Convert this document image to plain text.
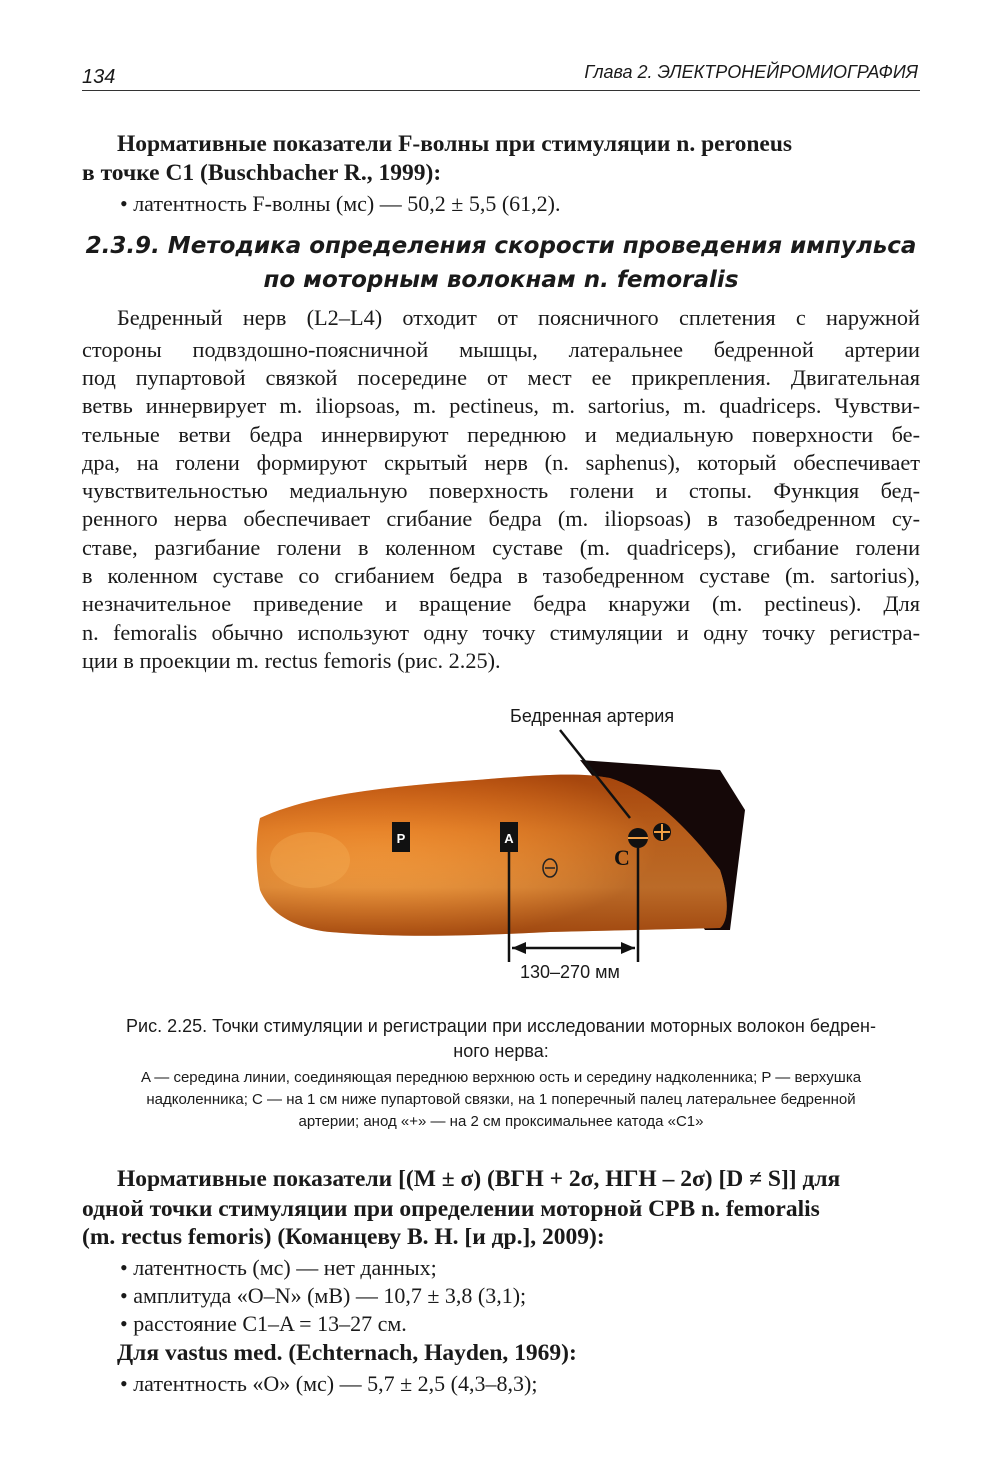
134	Глава 2. ЭЛЕКТРОНЕЙРОМИОГРАФИЯ
Нормативные показатели F-волны при стимуляции n. peroneus
в точке C1 (Buschbacher R., 1999):
• латентность F-волны (мс) — 50,2 ± 5,5 (61,2).
2.3.9. Методика определения скорости проведения импульса
по моторным волокнам n. femoralis
Бедренный нерв (L2–L4) отходит от поясничного сплетения с наружной
стороны подвздошно-поясничной мышцы, латеральнее бедренной артерии
под пупартовой связкой посередине от мест ее прикрепления. Двигательная
ветвь иннервирует m. iliopsoas, m. pectineus, m. sartorius, m. quadriceps. Чувстви-
тельные ветви бедра иннервируют переднюю и медиальную поверхности бе-
дра, на голени формируют скрытый нерв (n. saphenus), который обеспечивает
чувствительностью медиальную поверхность голени и стопы. Функция бед-
ренного нерва обеспечивает сгибание бедра (m. iliopsoas) в тазобедренном су-
ставе, разгибание голени в коленном суставе (m. quadriceps), сгибание голени
в коленном суставе со сгибанием бедра в тазобедренном суставе (m. sartorius),
незначительное приведение и вращение бедра кнаружи (m. pectineus). Для
n. femoralis обычно используют одну точку стимуляции и одну точку регистра-
ции в проекции m. rectus femoris (рис. 2.25).
P	A
C
Бедренная артерия
130–270 мм
Рис. 2.25. Точки стимуляции и регистрации при исследовании моторных волокон бедрен-
ного нерва:
A — середина линии, соединяющая переднюю верхнюю ость и середину надколенника; P — верхушка
надколенника; C — на 1 см ниже пупартовой связки, на 1 поперечный палец латеральнее бедренной
артерии; анод «+» — на 2 см проксимальнее катода «C1»
Нормативные показатели [(M ± σ) (ВГН + 2σ, НГН – 2σ) [D ≠ S]] для
одной точки стимуляции при определении моторной СРВ n. femoralis
(m. rectus femoris) (Команцеву В. Н. [и др.], 2009):
• латентность (мс) — нет данных;
• амплитуда «O–N» (мВ) — 10,7 ± 3,8 (3,1);
• расстояние C1–A = 13–27 см.
Для vastus med. (Echternach, Hayden, 1969):
• латентность «O» (мс) — 5,7 ± 2,5 (4,3–8,3);
